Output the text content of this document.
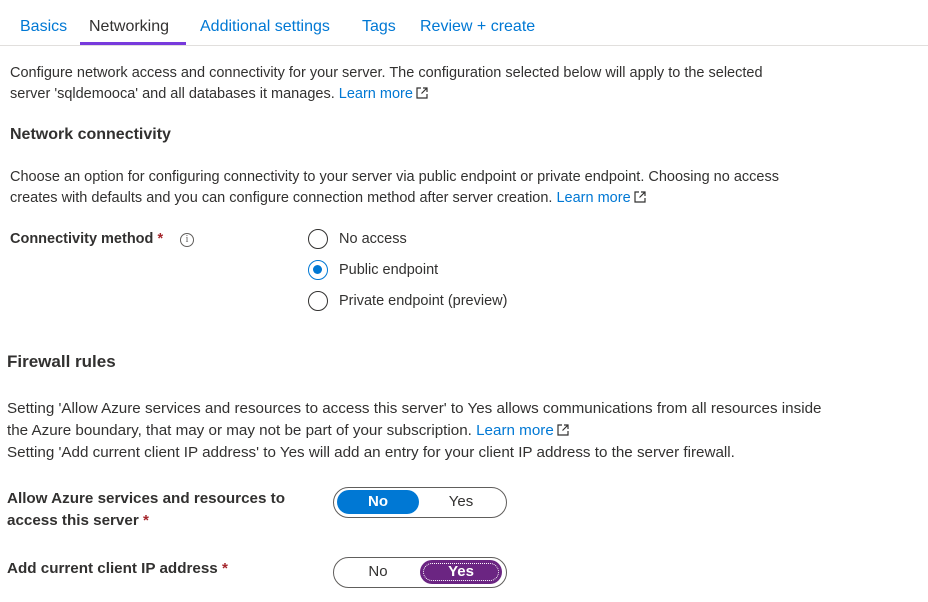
Basics Networking Additional settings Tags Review + create
Configure network access and connectivity for your server. The configuration selected below will apply to the selected
server 'sqldemooca' and all databases it manages. Learn more
Network connectivity
Choose an option for configuring connectivity to your server via public endpoint or private endpoint. Choosing no access
creates with defaults and you can configure connection method after server creation. Learn more
Connectivity method *	i	No access
Public endpoint
Private endpoint (preview)
Firewall rules
Setting 'Allow Azure services and resources to access this server' to Yes allows communications from all resources inside
the Azure boundary, that may or may not be part of your subscription. Learn more
Setting 'Add current client IP address' to Yes will add an entry for your client IP address to the server firewall.
Allow Azure services and resources to
access this server *
No	Yes
Add current client IP address *	No	Yes
